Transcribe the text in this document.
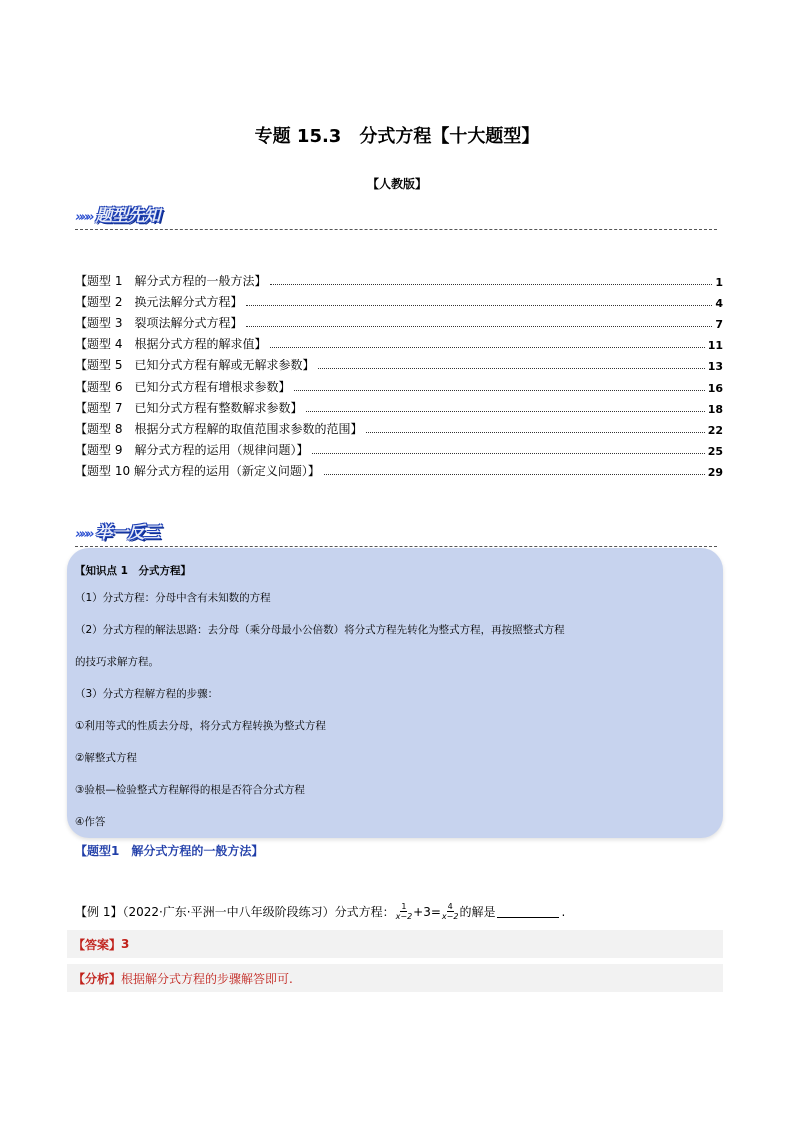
专题 15.3　分式方程【十大题型】
【人教版】
»»» 题型先知
【题型 1　解分式方程的一般方法】	1
【题型 2　换元法解分式方程】	4
【题型 3　裂项法解分式方程】	7
【题型 4　根据分式方程的解求值】	11
【题型 5　已知分式方程有解或无解求参数】	13
【题型 6　已知分式方程有增根求参数】	16
【题型 7　已知分式方程有整数解求参数】	18
【题型 8　根据分式方程解的取值范围求参数的范围】	22
【题型 9　解分式方程的运用（规律问题）】	25
【题型 10 解分式方程的运用（新定义问题）】	29
»»» 举一反三
【知识点 1　分式方程】
（1）分式方程：分母中含有未知数的方程
（2）分式方程的解法思路：去分母（乘分母最小公倍数）将分式方程先转化为整式方程，再按照整式方程
的技巧求解方程。
（3）分式方程解方程的步骤：
①利用等式的性质去分母，将分式方程转换为整式方程
②解整式方程
③验根—检验整式方程解得的根是否符合分式方程
④作答
【题型1　解分式方程的一般方法】
【例 1】（2022·广东·平洲一中八年级阶段练习）分式方程： $\frac{1}{x-2} +3= \frac{4}{x-2}$ 的解是	.
【答案】 3
【分析】 根据解分式方程的步骤解答即可.
